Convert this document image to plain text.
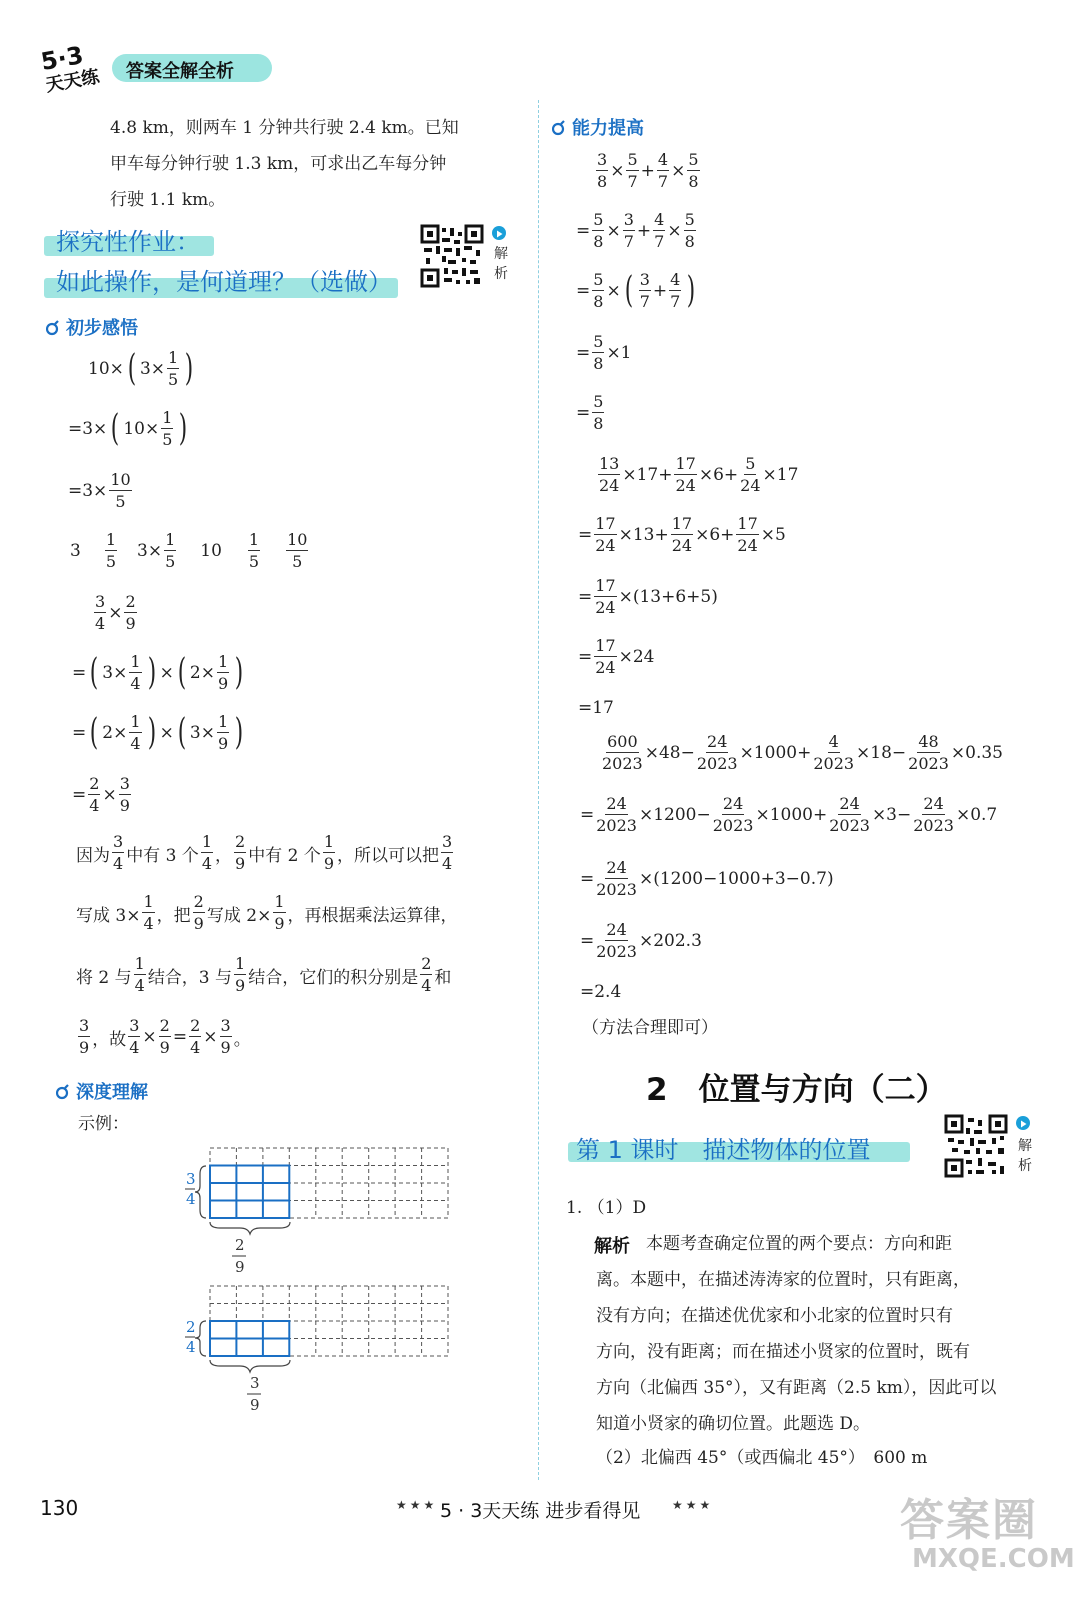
5·3
天天练 答案全解全析
4.8 km，则两车 1 分钟共行驶 2.4 km。已知
甲车每分钟行驶 1.3 km，可求出乙车每分钟
行驶 1.1 km。
探究性作业：
如此操作，是何道理？（选做）
解
析
初步感悟
10× ( $3\times \frac{1}{5}$ )
=3× ( $10\times \frac{1}{5}$ )
$=3\times \frac{10}{5}$
$3 \frac{1}{5} 3\times \frac{1}{5} 10 \frac{1}{5} \frac{10}{5}$
$\frac{3}{4} \times \frac{2}{9}$
= ( $3\times \frac{1}{4}$ ) × ( $2\times \frac{1}{9}$ )
= ( $2\times \frac{1}{4}$ ) × ( $3\times \frac{1}{9}$ )
= $\frac{2}{4} \times \frac{3}{9}$
因为 $\frac{3}{4}$ 中有 3 个 $\frac{1}{4}$ ， $\frac{2}{9}$ 中有 2 个 $\frac{1}{9}$ ，所以可以把 $\frac{3}{4}$
写成 $3\times \frac{1}{4}$ ，把 $\frac{2}{9}$ 写成 $2\times \frac{1}{9}$ ，再根据乘法运算律，
将 2 与 $\frac{1}{4}$ 结合，3 与 $\frac{1}{9}$ 结合，它们的积分别是 $\frac{2}{4}$ 和
$\frac{3}{9}$ ，故 $\frac{3}{4} \times \frac{2}{9} = \frac{2}{4} \times \frac{3}{9}$ 。
深度理解
示例：
3
4
2
9
2
4
3
9
能力提高
$\frac{3}{8} \times \frac{5}{7} + \frac{4}{7} \times \frac{5}{8}$
= $\frac{5}{8} \times \frac{3}{7} + \frac{4}{7} \times \frac{5}{8}$
= $\frac{5}{8}$ × ( $\frac{3}{7} + \frac{4}{7}$ )
= $\frac{5}{8} \times 1$
= $\frac{5}{8}$
$\frac{13}{24} \times 17+ \frac{17}{24} \times 6+ \frac{5}{24} \times 17$
= $\frac{17}{24} \times 13+ \frac{17}{24} \times 6+ \frac{17}{24} \times 5$
= $\frac{17}{24} \times(13+6+5)$
= $\frac{17}{24} \times 24$
=17
$\frac{600}{2023} \times 48- \frac{24}{2023} \times 1000+ \frac{4}{2023} \times 18- \frac{48}{2023} \times 0.35$
= $\frac{24}{2023} \times 1200- \frac{24}{2023} \times 1000+ \frac{24}{2023} \times 3- \frac{24}{2023} \times 0.7$
= $\frac{24}{2023} \times(1200-1000+3-0.7)$
= $\frac{24}{2023} \times 202.3$
=2.4
（方法合理即可）
2　位置与方向（二）
第 1 课时　描述物体的位置	解
析
1. （1）D
解析 本题考查确定位置的两个要点：方向和距
离。本题中，在描述涛涛家的位置时，只有距离，
没有方向；在描述优优家和小北家的位置时只有
方向，没有距离；而在描述小贤家的位置时，既有
方向（北偏西 35°），又有距离（2.5 km），因此可以
知道小贤家的确切位置。此题选 D。
（2）北偏西 45°（或西偏北 45°）　600 m
130	★★★ 5 · 3天天练 进步看得见	★★★	答案圈
MXQE.COM
